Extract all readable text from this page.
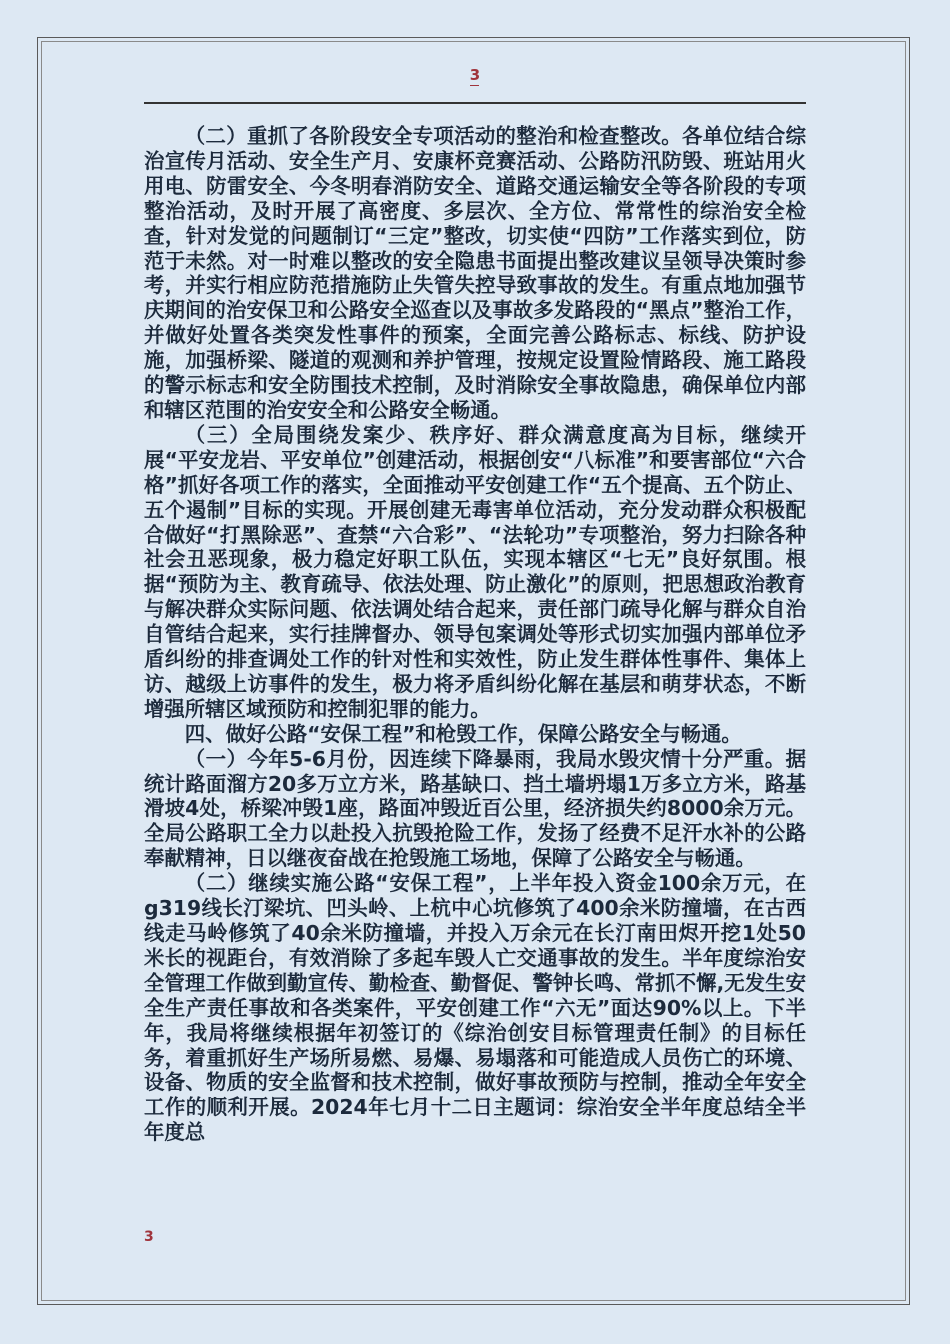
3

（二）重抓了各阶段安全专项活动的整治和检查整改。各单位结合综治宣传月活动、安全生产月、安康杯竞赛活动、公路防汛防毁、班站用火用电、防雷安全、今冬明春消防安全、道路交通运输安全等各阶段的专项整治活动，及时开展了高密度、多层次、全方位、常常性的综治安全检查，针对发觉的问题制订“三定”整改，切实使“四防”工作落实到位，防范于未然。对一时难以整改的安全隐患书面提出整改建议呈领导决策时参考，并实行相应防范措施防止失管失控导致事故的发生。有重点地加强节庆期间的治安保卫和公路安全巡查以及事故多发路段的“黑点”整治工作，并做好处置各类突发性事件的预案，全面完善公路标志、标线、防护设施，加强桥梁、隧道的观测和养护管理，按规定设置险情路段、施工路段的警示标志和安全防围技术控制，及时消除安全事故隐患，确保单位内部和辖区范围的治安安全和公路安全畅通。

（三）全局围绕发案少、秩序好、群众满意度高为目标，继续开展“平安龙岩、平安单位”创建活动，根据创安“八标准”和要害部位“六合格”抓好各项工作的落实，全面推动平安创建工作“五个提高、五个防止、五个遏制”目标的实现。开展创建无毒害单位活动，充分发动群众积极配合做好“打黑除恶”、查禁“六合彩”、“法轮功”专项整治，努力扫除各种社会丑恶现象，极力稳定好职工队伍，实现本辖区“七无”良好氛围。根据“预防为主、教育疏导、依法处理、防止激化”的原则，把思想政治教育与解决群众实际问题、依法调处结合起来，责任部门疏导化解与群众自治自管结合起来，实行挂牌督办、领导包案调处等形式切实加强内部单位矛盾纠纷的排查调处工作的针对性和实效性，防止发生群体性事件、集体上访、越级上访事件的发生，极力将矛盾纠纷化解在基层和萌芽状态，不断增强所辖区域预防和控制犯罪的能力。

四、做好公路“安保工程”和枪毁工作，保障公路安全与畅通。

（一）今年5-6月份，因连续下降暴雨，我局水毁灾情十分严重。据统计路面溜方20多万立方米，路基缺口、挡土墙坍塌1万多立方米，路基滑坡4处，桥梁冲毁1座，路面冲毁近百公里，经济损失约8000余万元。全局公路职工全力以赴投入抗毁抢险工作，发扬了经费不足汗水补的公路奉献精神，日以继夜奋战在抢毁施工场地，保障了公路安全与畅通。

（二）继续实施公路“安保工程”，上半年投入资金100余万元，在g319线长汀梁坑、凹头岭、上杭中心坑修筑了400余米防撞墙，在古西线走马岭修筑了40余米防撞墙，并投入万余元在长汀南田烬开挖1处50米长的视距台，有效消除了多起车毁人亡交通事故的发生。半年度综治安全管理工作做到勤宣传、勤检查、勤督促、警钟长鸣、常抓不懈,无发生安全生产责任事故和各类案件，平安创建工作“六无”面达90%以上。下半年，我局将继续根据年初签订的《综治创安目标管理责任制》的目标任务，着重抓好生产场所易燃、易爆、易塌落和可能造成人员伤亡的环境、设备、物质的安全监督和技术控制，做好事故预防与控制，推动全年安全工作的顺利开展。2024年七月十二日主题词：综治安全半年度总结全半年度总

3
